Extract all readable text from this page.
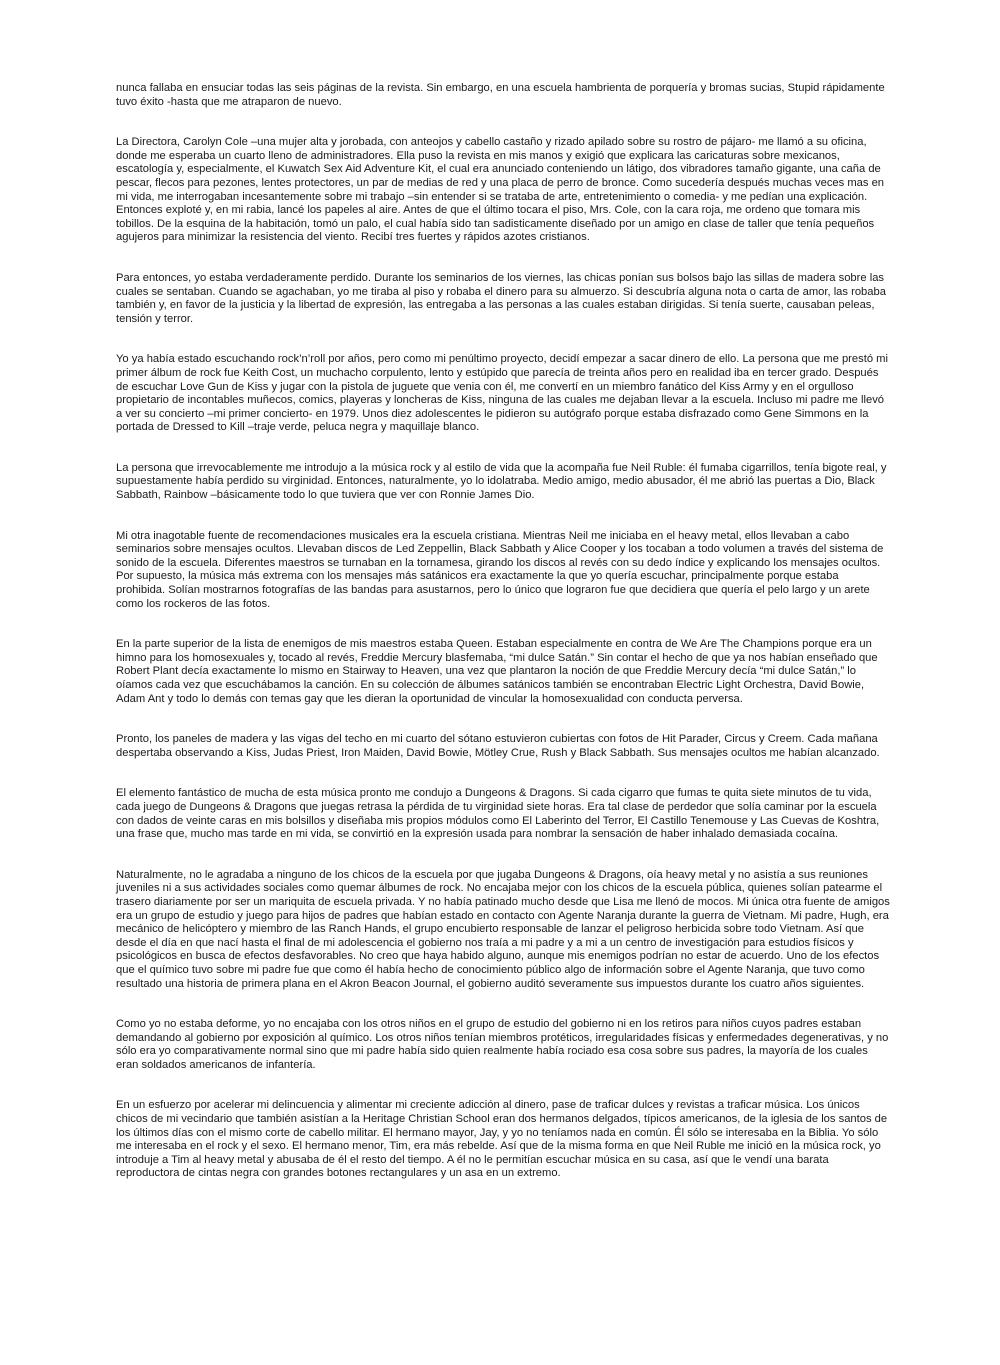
nunca fallaba en ensuciar todas las seis páginas de la revista. Sin embargo, en una escuela hambrienta de porquería y bromas sucias, Stupid rápidamente tuvo éxito -hasta que me atraparon de nuevo.

La Directora, Carolyn Cole –una mujer alta y jorobada, con anteojos y cabello castaño y rizado apilado sobre su rostro de pájaro- me llamó a su oficina, donde me esperaba un cuarto lleno de administradores. Ella puso la revista en mis manos y exigió que explicara las caricaturas sobre mexicanos, escatología y, especialmente, el Kuwatch Sex Aid Adventure Kit, el cual era anunciado conteniendo un látigo, dos vibradores tamaño gigante, una caña de pescar, flecos para pezones, lentes protectores, un par de medias de red y una placa de perro de bronce. Como sucedería después muchas veces mas en mi vida, me interrogaban incesantemente sobre mi trabajo –sin entender si se trataba de arte, entretenimiento o comedia- y me pedían una explicación. Entonces exploté y, en mi rabia, lancé los papeles al aire. Antes de que el último tocara el piso, Mrs. Cole, con la cara roja, me ordeno que tomara mis tobillos. De la esquina de la habitación, tomó un palo, el cual había sido tan sadisticamente diseñado por un amigo en clase de taller que tenía pequeños agujeros para minimizar la resistencia del viento. Recibí tres fuertes y rápidos azotes cristianos.

Para entonces, yo estaba verdaderamente perdido. Durante los seminarios de los viernes, las chicas ponían sus bolsos bajo las sillas de madera sobre las cuales se sentaban. Cuando se agachaban, yo me tiraba al piso y robaba el dinero para su almuerzo. Si descubría alguna nota o carta de amor, las robaba también y, en favor de la justicia y la libertad de expresión, las entregaba a las personas a las cuales estaban dirigidas. Si tenía suerte, causaban peleas, tensión y terror.

Yo ya había estado escuchando rock’n’roll por años, pero como mi penúltimo proyecto, decidí empezar a sacar dinero de ello. La persona que me prestó mi primer álbum de rock fue Keith Cost, un muchacho corpulento, lento y estúpido que parecía de treinta años pero en realidad iba en tercer grado. Después de escuchar Love Gun de Kiss y jugar con la pistola de juguete que venia con él, me convertí en un miembro fanático del Kiss Army y en el orgulloso propietario de incontables muñecos, comics, playeras y loncheras de Kiss, ninguna de las cuales me dejaban llevar a la escuela. Incluso mi padre me llevó a ver su concierto –mi primer concierto- en 1979. Unos diez adolescentes le pidieron su autógrafo porque estaba disfrazado como Gene Simmons en la portada de Dressed to Kill –traje verde, peluca negra y maquillaje blanco.

La persona que irrevocablemente me introdujo a la música rock y al estilo de vida que la acompaña fue Neil Ruble: él fumaba cigarrillos, tenía bigote real, y supuestamente había perdido su virginidad. Entonces, naturalmente, yo lo idolatraba. Medio amigo, medio abusador, él me abrió las puertas a Dio, Black Sabbath, Rainbow –básicamente todo lo que tuviera que ver con Ronnie James Dio.

Mi otra inagotable fuente de recomendaciones musicales era la escuela cristiana. Mientras Neil me iniciaba en el heavy metal, ellos llevaban a cabo seminarios sobre mensajes ocultos. Llevaban discos de Led Zeppellin, Black Sabbath y Alice Cooper y los tocaban a todo volumen a través del sistema de sonido de la escuela. Diferentes maestros se turnaban en la tornamesa, girando los discos al revés con su dedo índice y explicando los mensajes ocultos. Por supuesto, la música más extrema con los mensajes más satánicos era exactamente la que yo quería escuchar, principalmente porque estaba prohibida. Solían mostrarnos fotografías de las bandas para asustarnos, pero lo único que lograron fue que decidiera que quería el pelo largo y un arete como los rockeros de las fotos.

En la parte superior de la lista de enemigos de mis maestros estaba Queen. Estaban especialmente en contra de We Are The Champions porque era un himno para los homosexuales y, tocado al revés, Freddie Mercury blasfemaba, “mi dulce Satán.” Sin contar el hecho de que ya nos habían enseñado que Robert Plant decía exactamente lo mismo en Stairway to Heaven, una vez que plantaron la noción de que Freddie Mercury decía “mi dulce Satán,” lo oíamos cada vez que escuchábamos la canción. En su colección de álbumes satánicos también se encontraban Electric Light Orchestra, David Bowie, Adam Ant y todo lo demás con temas gay que les dieran la oportunidad de vincular la homosexualidad con conducta perversa.

Pronto, los paneles de madera y las vigas del techo en mi cuarto del sótano estuvieron cubiertas con fotos de Hit Parader, Circus y Creem. Cada mañana despertaba observando a Kiss, Judas Priest, Iron Maiden, David Bowie, Mötley Crue, Rush y Black Sabbath. Sus mensajes ocultos me habían alcanzado.

El elemento fantástico de mucha de esta música pronto me condujo a Dungeons & Dragons. Si cada cigarro que fumas te quita siete minutos de tu vida, cada juego de Dungeons & Dragons que juegas retrasa la pérdida de tu virginidad siete horas. Era tal clase de perdedor que solía caminar por la escuela con dados de veinte caras en mis bolsillos y diseñaba mis propios módulos como El Laberinto del Terror, El Castillo Tenemouse y Las Cuevas de Koshtra, una frase que, mucho mas tarde en mi vida, se convirtió en la expresión usada para nombrar la sensación de haber inhalado demasiada cocaína.

Naturalmente, no le agradaba a ninguno de los chicos de la escuela por que jugaba Dungeons & Dragons, oía heavy metal y no asistía a sus reuniones juveniles ni a sus actividades sociales como quemar álbumes de rock. No encajaba mejor con los chicos de la escuela pública, quienes solían patearme el trasero diariamente por ser un mariquita de escuela privada. Y no había patinado mucho desde que Lisa me llenó de mocos. Mi única otra fuente de amigos era un grupo de estudio y juego para hijos de padres que habían estado en contacto con Agente Naranja durante la guerra de Vietnam. Mi padre, Hugh, era mecánico de helicóptero y miembro de las Ranch Hands, el grupo encubierto responsable de lanzar el peligroso herbicida sobre todo Vietnam. Así que desde el día en que nací hasta el final de mi adolescencia el gobierno nos traía a mi padre y a mi a un centro de investigación para estudios físicos y psicológicos en busca de efectos desfavorables. No creo que haya habido alguno, aunque mis enemigos podrían no estar de acuerdo. Uno de los efectos que el químico tuvo sobre mi padre fue que como él había hecho de conocimiento público algo de información sobre el Agente Naranja, que tuvo como resultado una historia de primera plana en el Akron Beacon Journal, el gobierno auditó severamente sus impuestos durante los cuatro años siguientes.

Como yo no estaba deforme, yo no encajaba con los otros niños en el grupo de estudio del gobierno ni en los retiros para niños cuyos padres estaban demandando al gobierno por exposición al químico. Los otros niños tenían miembros protéticos, irregularidades físicas y enfermedades degenerativas, y no sólo era yo comparativamente normal sino que mi padre había sido quien realmente había rociado esa cosa sobre sus padres, la mayoría de los cuales eran soldados americanos de infantería.

En un esfuerzo por acelerar mi delincuencia y alimentar mi creciente adicción al dinero, pase de traficar dulces y revistas a traficar música. Los únicos chicos de mi vecindario que también asistían a la Heritage Christian School eran dos hermanos delgados, típicos americanos, de la iglesia de los santos de los últimos días con el mismo corte de cabello militar. El hermano mayor, Jay, y yo no teníamos nada en común. Él sólo se interesaba en la Biblia. Yo sólo me interesaba en el rock y el sexo. El hermano menor, Tim, era más rebelde. Así que de la misma forma en que Neil Ruble me inició en la música rock, yo introduje a Tim al heavy metal y abusaba de él el resto del tiempo. A él no le permitían escuchar música en su casa, así que le vendí una barata reproductora de cintas negra con grandes botones rectangulares y un asa en un extremo.
